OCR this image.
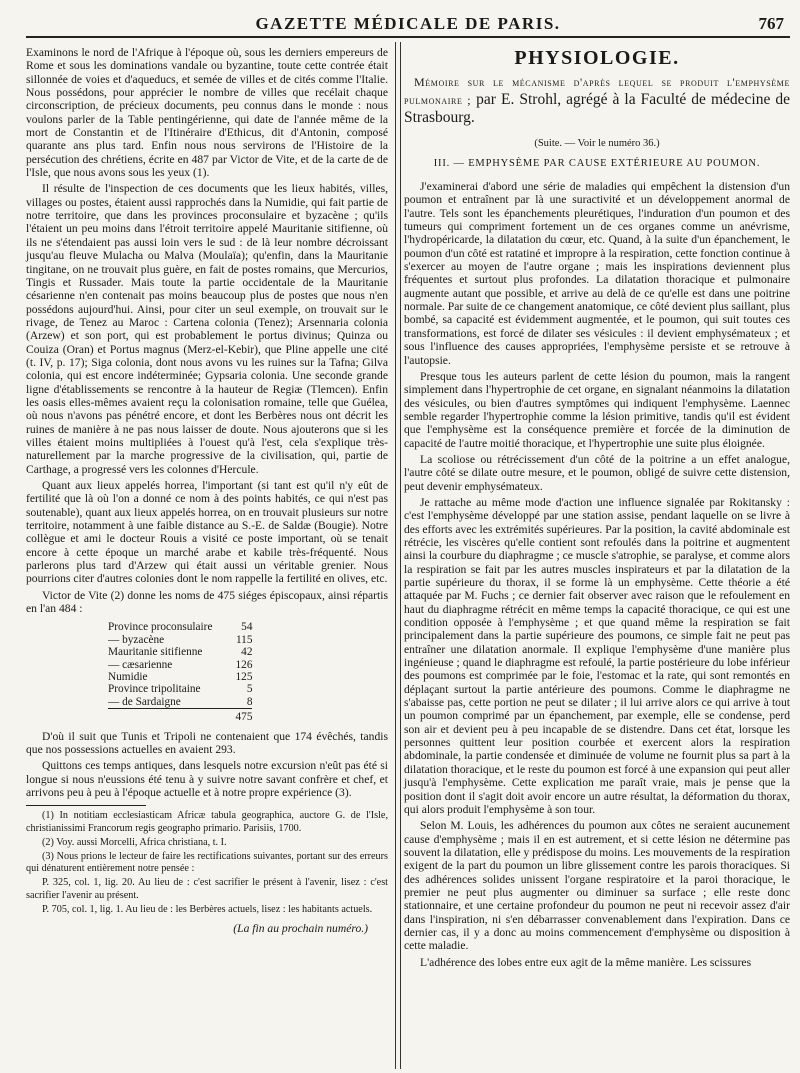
GAZETTE MÉDICALE DE PARIS.	767

Examinons le nord de l'Afrique à l'époque où, sous les derniers empereurs de Rome et sous les dominations vandale ou byzantine, toute cette contrée était sillonnée de voies et d'aqueducs, et semée de villes et de cités comme l'Italie. Nous possédons, pour apprécier le nombre de villes que recélait chaque circonscription, de précieux documents, peu connus dans le monde : nous voulons parler de la Table pentingérienne, qui date de l'année même de la mort de Constantin et de l'Itinéraire d'Ethicus, dit d'Antonin, composé quarante ans plus tard. Enfin nous nous servirons de l'Histoire de la persécution des chrétiens, écrite en 487 par Victor de Vite, et de la carte de de l'Isle, que nous avons sous les yeux (1).

Il résulte de l'inspection de ces documents que les lieux habités, villes, villages ou postes, étaient aussi rapprochés dans la Numidie, qui fait partie de notre territoire, que dans les provinces proconsulaire et byzacène ; qu'ils l'étaient un peu moins dans l'étroit territoire appelé Mauritanie sitifienne, où ils ne s'étendaient pas aussi loin vers le sud : de là leur nombre décroissant jusqu'au fleuve Mulacha ou Malva (Moulaïa); qu'enfin, dans la Mauritanie tingitane, on ne trouvait plus guère, en fait de postes romains, que Mercurios, Tingis et Russader. Mais toute la partie occidentale de la Mauritanie césarienne n'en contenait pas moins beaucoup plus de postes que nous n'en possédons aujourd'hui. Ainsi, pour citer un seul exemple, on trouvait sur le rivage, de Tenez au Maroc : Cartena colonia (Tenez); Arsennaria colonia (Arzew) et son port, qui est probablement le portus divinus; Quinza ou Couiza (Oran) et Portus magnus (Merz-el-Kebir), que Pline appelle une cité (t. IV, p. 17); Siga colonia, dont nous avons vu les ruines sur la Tafna; Gilva colonia, qui est encore indéterminée; Gypsaria colonia. Une seconde grande ligne d'établissements se rencontre à la hauteur de Regiæ (Tlemcen). Enfin les oasis elles-mêmes avaient reçu la colonisation romaine, telle que Guélea, où nous n'avons pas pénétré encore, et dont les Berbères nous ont décrit les ruines de manière à ne pas nous laisser de doute. Nous ajouterons que si les villes étaient moins multipliées à l'ouest qu'à l'est, cela s'explique très-naturellement par la marche progressive de la civilisation, qui, partie de Carthage, a progressé vers les colonnes d'Hercule.

Quant aux lieux appelés horrea, l'important (si tant est qu'il n'y eût de fertilité que là où l'on a donné ce nom à des points habités, ce qui n'est pas soutenable), quant aux lieux appelés horrea, on en trouvait plusieurs sur notre territoire, notamment à une faible distance au S.-E. de Saldæ (Bougie). Notre collègue et ami le docteur Rouis a visité ce poste important, où se tenait encore à cette époque un marché arabe et kabile très-fréquenté. Nous parlerons plus tard d'Arzew qui était aussi un véritable grenier. Nous pourrions citer d'autres colonies dont le nom rappelle la fertilité en olives, etc.

Victor de Vite (2) donne les noms de 475 siéges épiscopaux, ainsi répartis en l'an 484 :

Province proconsulaire	54
— byzacène	115
Mauritanie sitifienne	42
— cæsarienne	126
Numidie	125
Province tripolitaine	5
— de Sardaigne	8
	475

D'où il suit que Tunis et Tripoli ne contenaient que 174 évêchés, tandis que nos possessions actuelles en avaient 293.

Quittons ces temps antiques, dans lesquels notre excursion n'eût pas été si longue si nous n'eussions été tenu à y suivre notre savant confrère et chef, et arrivons peu à peu à l'époque actuelle et à notre propre expérience (3).

(1) In notitiam ecclesiasticam Africæ tabula geographica, auctore G. de l'Isle, christianissimi Francorum regis geographo primario. Parisiis, 1700.

(2) Voy. aussi Morcelli, Africa christiana, t. I.

(3) Nous prions le lecteur de faire les rectifications suivantes, portant sur des erreurs qui dénaturent entièrement notre pensée :

P. 325, col. 1, lig. 20. Au lieu de : c'est sacrifier le présent à l'avenir, lisez : c'est sacrifier l'avenir au présent.

P. 705, col. 1, lig. 1. Au lieu de : les Berbères actuels, lisez : les habitants actuels.

(La fin au prochain numéro.)
PHYSIOLOGIE.
Mémoire sur le mécanisme d'après lequel se produit l'emphysème pulmonaire ; par E. Strohl, agrégé à la Faculté de médecine de Strasbourg.
(Suite. — Voir le numéro 36.)
III. — EMPHYSÈME PAR CAUSE EXTÉRIEURE AU POUMON.

J'examinerai d'abord une série de maladies qui empêchent la distension d'un poumon et entraînent par là une suractivité et un développement anormal de l'autre. Tels sont les épanchements pleurétiques, l'induration d'un poumon et des tumeurs qui compriment fortement un de ces organes comme un anévrisme, l'hydropéricarde, la dilatation du cœur, etc. Quand, à la suite d'un épanchement, le poumon d'un côté est ratatiné et impropre à la respiration, cette fonction continue à s'exercer au moyen de l'autre organe ; mais les inspirations deviennent plus fréquentes et surtout plus profondes. La dilatation thoracique et pulmonaire augmente autant que possible, et arrive au delà de ce qu'elle est dans une poitrine normale. Par suite de ce changement anatomique, ce côté devient plus saillant, plus bombé, sa capacité est évidemment augmentée, et le poumon, qui suit toutes ces transformations, est forcé de dilater ses vésicules : il devient emphysémateux ; et sous l'influence des causes appropriées, l'emphysème persiste et se retrouve à l'autopsie.

Presque tous les auteurs parlent de cette lésion du poumon, mais la rangent simplement dans l'hypertrophie de cet organe, en signalant néanmoins la dilatation des vésicules, ou bien d'autres symptômes qui indiquent l'emphysème. Laennec semble regarder l'hypertrophie comme la lésion primitive, tandis qu'il est évident que l'emphysème est la conséquence première et forcée de la diminution de capacité de l'autre moitié thoracique, et l'hypertrophie une suite plus éloignée.

La scoliose ou rétrécissement d'un côté de la poitrine a un effet analogue, l'autre côté se dilate outre mesure, et le poumon, obligé de suivre cette distension, peut devenir emphysémateux.

Je rattache au même mode d'action une influence signalée par Rokitansky : c'est l'emphysème développé par une station assise, pendant laquelle on se livre à des efforts avec les extrémités supérieures. Par la position, la cavité abdominale est rétrécie, les viscères qu'elle contient sont refoulés dans la poitrine et augmentent ainsi la courbure du diaphragme ; ce muscle s'atrophie, se paralyse, et comme alors la respiration se fait par les autres muscles inspirateurs et par la dilatation de la partie supérieure du thorax, il se forme là un emphysème. Cette théorie a été attaquée par M. Fuchs ; ce dernier fait observer avec raison que le refoulement en haut du diaphragme rétrécit en même temps la capacité thoracique, ce qui est une condition opposée à l'emphysème ; et que quand même la respiration se fait principalement dans la partie supérieure des poumons, ce simple fait ne peut pas entraîner une dilatation anormale. Il explique l'emphysème d'une manière plus ingénieuse ; quand le diaphragme est refoulé, la partie postérieure du lobe inférieur des poumons est comprimée par le foie, l'estomac et la rate, qui sont remontés en déplaçant surtout la partie antérieure des poumons. Comme le diaphragme ne s'abaisse pas, cette portion ne peut se dilater ; il lui arrive alors ce qui arrive à tout un poumon comprimé par un épanchement, par exemple, elle se condense, perd son air et devient peu à peu incapable de se distendre. Dans cet état, lorsque les personnes quittent leur position courbée et exercent alors la respiration abdominale, la partie condensée et diminuée de volume ne fournit plus sa part à la dilatation thoracique, et le reste du poumon est forcé à une expansion qui peut aller jusqu'à l'emphysème. Cette explication me paraît vraie, mais je pense que la position dont il s'agit doit avoir encore un autre résultat, la déformation du thorax, qui alors produit l'emphysème à son tour.

Selon M. Louis, les adhérences du poumon aux côtes ne seraient aucunement cause d'emphysème ; mais il en est autrement, et si cette lésion ne détermine pas souvent la dilatation, elle y prédispose du moins. Les mouvements de la respiration exigent de la part du poumon un libre glissement contre les parois thoraciques. Si des adhérences solides unissent l'organe respiratoire et la paroi thoracique, le premier ne peut plus augmenter ou diminuer sa surface ; elle reste donc stationnaire, et une certaine profondeur du poumon ne peut ni recevoir assez d'air dans l'inspiration, ni s'en débarrasser convenablement dans l'expiration. Dans ce dernier cas, il y a donc au moins commencement d'emphysème ou disposition à cette maladie.

L'adhérence des lobes entre eux agit de la même manière. Les scissures
